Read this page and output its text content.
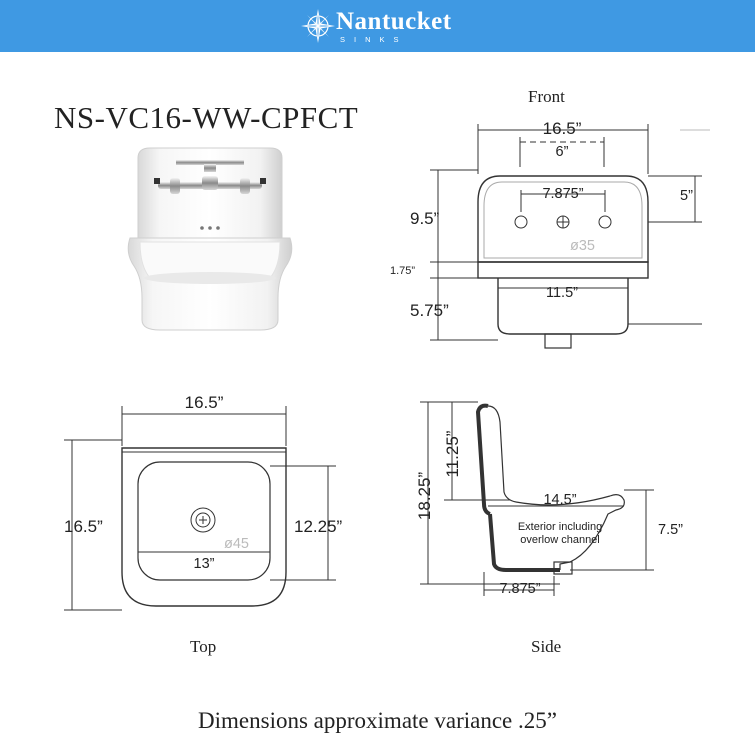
Nantucket
SINKS
NS-VC16-WW-CPFCT
Front
16.5”
6”
7.875”	5”
9.5”
1.75”
5.75”
11.5”
ø35
16.5”
16.5”	12.25”
13”
ø45
Top
18.25”
11.25”
14.5”
Exterior including
overlow channel
7.5”
7.875”
Side
Dimensions approximate variance .25”
